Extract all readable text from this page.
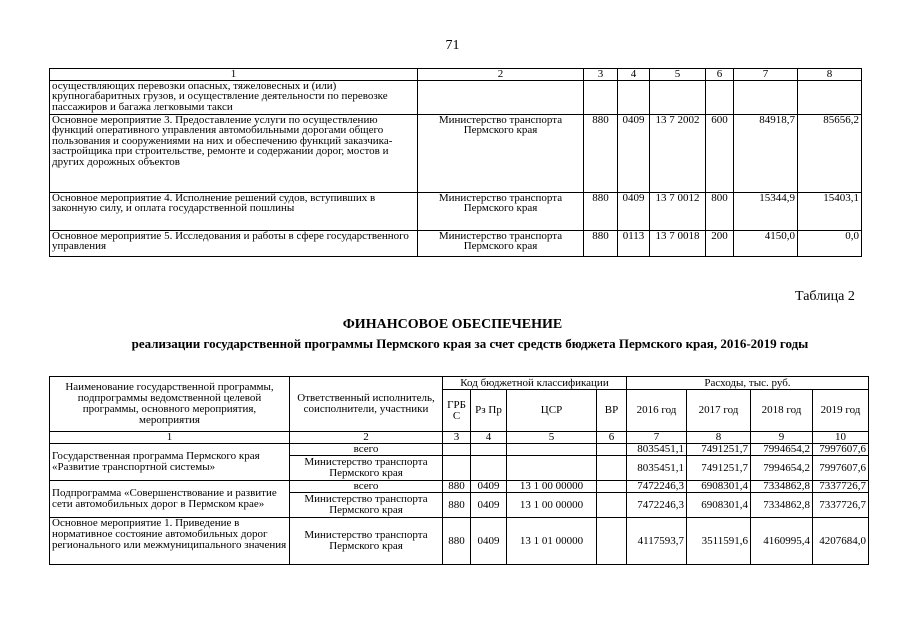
71
1	2	3	4	5	6	7	8
осуществляющих перевозки опасных, тяжеловесных и (или) крупногабаритных грузов, и осуществление деятельности по перевозке пассажиров и багажа легковыми такси							
Основное мероприятие 3. Предоставление услуги по осуществлению функций оперативного управления автомобильными дорогами общего пользования и сооружениями на них и обеспечению функций заказчика-застройщика при строительстве, ремонте и содержании дорог, мостов и других дорожных объектов	Министерство транспорта Пермского края	880	0409	13 7 2002	600	84918,7	85656,2
Основное мероприятие 4. Исполнение решений судов, вступивших в законную силу, и оплата государственной пошлины	Министерство транспорта Пермского края	880	0409	13 7 0012	800	15344,9	15403,1
Основное мероприятие 5. Исследования и работы в сфере государственного управления	Министерство транспорта Пермского края	880	0113	13 7 0018	200	4150,0	0,0
Таблица 2
ФИНАНСОВОЕ ОБЕСПЕЧЕНИЕ
реализации государственной программы Пермского края за счет средств бюджета Пермского края, 2016-2019 годы
Наименование государственной программы, подпрограммы ведомственной целевой программы, основного мероприятия, мероприятия	Ответственный исполнитель, соисполнители, участники	Код бюджетной классификации				Расходы, тыс. руб.			
		ГРБ С	Рз Пр	ЦСР	ВР	2016 год	2017 год	2018 год	2019 год
1	2	3	4	5	6	7	8	9	10
Государственная программа Пермского края «Развитие транспортной системы»	всего					8035451,1	7491251,7	7994654,2	7997607,6
	Министерство транспорта Пермского края					8035451,1	7491251,7	7994654,2	7997607,6
Подпрограмма «Совершенствование и развитие сети автомобильных дорог в Пермском крае»	всего	880	0409	13 1 00 00000		7472246,3	6908301,4	7334862,8	7337726,7
	Министерство транспорта Пермского края	880	0409	13 1 00 00000		7472246,3	6908301,4	7334862,8	7337726,7
Основное мероприятие 1. Приведение в нормативное состояние автомобильных дорог регионального или межмуниципального значения	Министерство транспорта Пермского края	880	0409	13 1 01 00000		4117593,7	3511591,6	4160995,4	4207684,0
